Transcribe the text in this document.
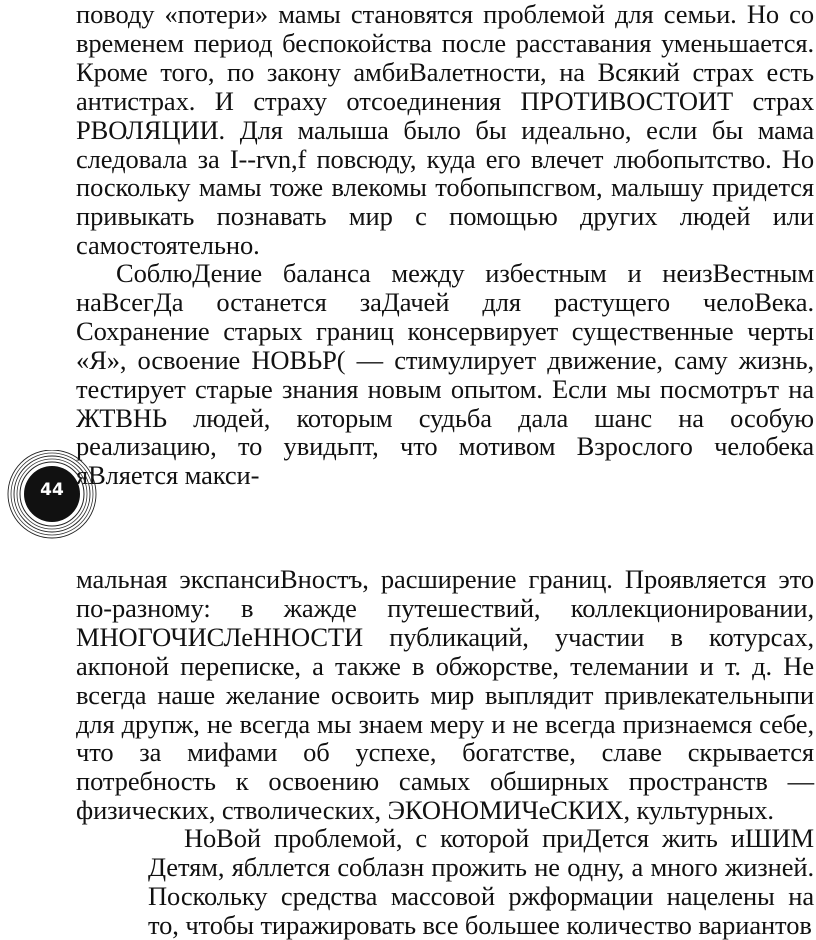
поводу «потери» мамы становятся проблемой для семьи. Но со временем период беспокойства после расставания уменьшается. Кроме того, по закону амбиВалетности, на Всякий страх есть антистрах. И страху отсоединения ПРОТИВОСТОИТ страх РВОЛЯЦИИ. Для малыша было бы идеально, если бы мама следовала за I--rvn,f повсюду, куда его влечет любопытство. Но поскольку мамы тоже влекомы тобопыпсгвом, малышу придется привыкать познавать мир с помощью других людей или самостоятельно.

СоблюДение баланса между избестным и неизВестным наВсегДа останется заДачей для растущего челоВека. Сохранение старых границ консервирует существенные черты «Я», освоение НОВЬР( — стимулирует движение, саму жизнь, тестирует старые знания новым опытом. Если мы посмотрът на ЖТВНЬ людей, которым судьба дала шанс на особую реализацию, то увидьпт, что мотивом Взрослого челобека яВляется макси-

44

мальная экспансиВностъ, расширение границ. Проявляется это по-разному: в жажде путешествий, коллекционировании, МНОГОЧИСЛеННОСТИ публикаций, участии в котурсах, акпоной переписке, а также в обжорстве, телемании и т. д. Не всегда наше желание освоить мир выплядит привлекательныпи для друпж, не всегда мы знаем меру и не всегда признаемся себе, что за мифами об успехе, богатстве, славе скрывается потребность к освоению самых обширных пространств — физических, стволических, ЭКОНОМИЧеСКИХ, культурных.

НоВой проблемой, с которой приДется жить иШИМ Детям, ябллется соблазн прожить не одну, а много жизней. Поскольку средства массовой ржформации нацелены на то, чтобы тиражировать все большее количество вариантов
